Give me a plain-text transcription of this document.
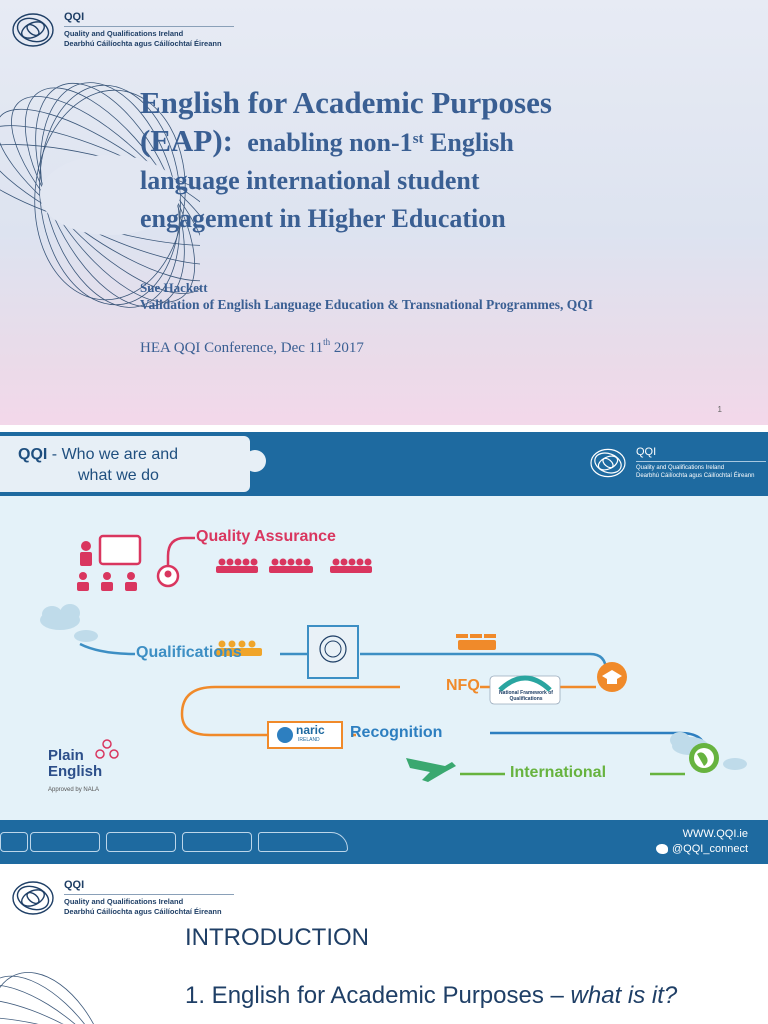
QQI
Quality and Qualifications Ireland
Dearbhú Cáilíochta agus Cáilíochtaí Éireann
English for Academic Purposes
(EAP): enabling non-1st English
language international student
engagement in Higher Education
Sue Hackett
Validation of English Language Education & Transnational Programmes, QQI
HEA QQI Conference, Dec 11th 2017
1
QQI - Who we are and
what we do
QQI
Quality and Qualifications Ireland
Dearbhú Cáilíochta agus Cáilíochtaí Éireann
Quality Assurance
Qualifications
NFQ	National Framework of Qualifications
naric
IRELAND Recognition
International
Plain
English
Approved by NALA
WWW.QQI.ie
@QQI_connect
QQI
Quality and Qualifications Ireland
Dearbhú Cáilíochta agus Cáilíochtaí Éireann
INTRODUCTION
1. English for Academic Purposes – what is it?
